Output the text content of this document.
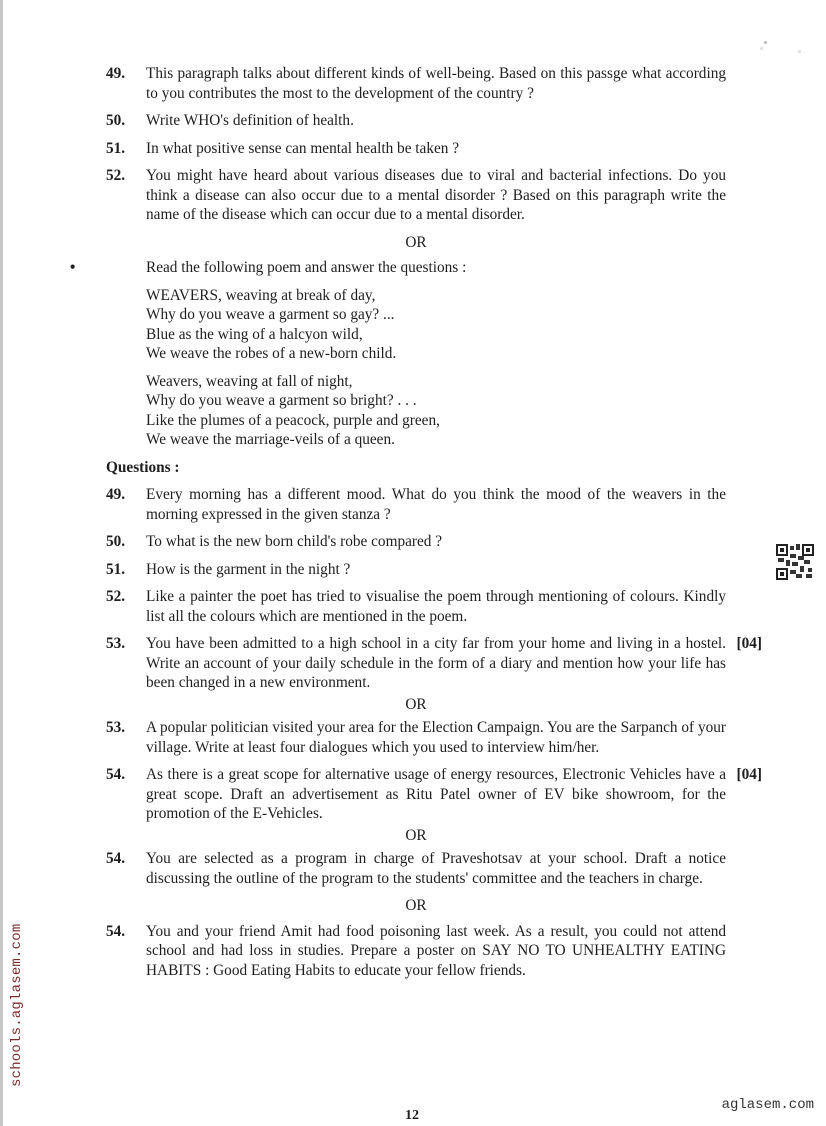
49.	This paragraph talks about different kinds of well-being. Based on this passge what according to you contributes the most to the development of the country ?
50.	Write WHO's definition of health.
51.	In what positive sense can mental health be taken ?
52.	You might have heard about various diseases due to viral and bacterial infections. Do you think a disease can also occur due to a mental disorder ? Based on this paragraph write the name of the disease which can occur due to a mental disorder.
OR
•	Read the following poem and answer the questions :
WEAVERS, weaving at break of day,
Why do you weave a garment so gay? ...
Blue as the wing of a halcyon wild,
We weave the robes of a new-born child.
Weavers, weaving at fall of night,
Why do you weave a garment so bright? . . .
Like the plumes of a peacock, purple and green,
We weave the marriage-veils of a queen.
Questions :
49.	Every morning has a different mood. What do you think the mood of the weavers in the morning expressed in the given stanza ?
50.	To what is the new born child's robe compared ?
51.	How is the garment in the night ?
52.	Like a painter the poet has tried to visualise the poem through mentioning of colours. Kindly list all the colours which are mentioned in the poem.
53.	You have been admitted to a high school in a city far from your home and living in a hostel. Write an account of your daily schedule in the form of a diary and mention how your life has been changed in a new environment.
[04]
OR
53.	A popular politician visited your area for the Election Campaign. You are the Sarpanch of your village. Write at least four dialogues which you used to interview him/her.
54.	As there is a great scope for alternative usage of energy resources, Electronic Vehicles have a great scope. Draft an advertisement as Ritu Patel owner of EV bike showroom, for the promotion of the E-Vehicles.
[04]
OR
54.	You are selected as a program in charge of Praveshotsav at your school. Draft a notice discussing the outline of the program to the students' committee and the teachers in charge.
OR
54.	You and your friend Amit had food poisoning last week. As a result, you could not attend school and had loss in studies. Prepare a poster on SAY NO TO UNHEALTHY EATING HABITS : Good Eating Habits to educate your fellow friends.
schools.aglasem.com
12
aglasem.com
